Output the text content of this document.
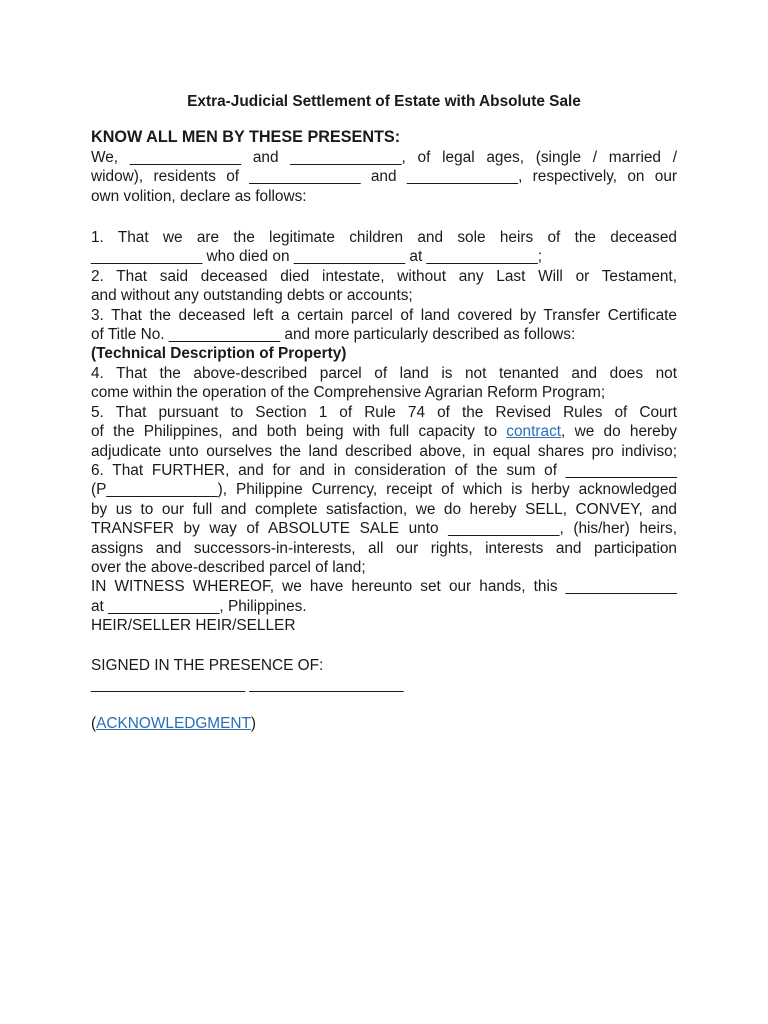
Extra-Judicial Settlement of Estate with Absolute Sale

KNOW ALL MEN BY THESE PRESENTS:

We, _____________ and _____________, of legal ages, (single / married /

widow), residents of _____________ and _____________, respectively, on our

own volition, declare as follows:

1. That we are the legitimate children and sole heirs of the deceased

_____________ who died on _____________ at _____________;

2. That said deceased died intestate, without any Last Will or Testament,

and without any outstanding debts or accounts;

3. That the deceased left a certain parcel of land covered by Transfer Certificate

of Title No. _____________ and more particularly described as follows:

(Technical Description of Property)

4. That the above-described parcel of land is not tenanted and does not

come within the operation of the Comprehensive Agrarian Reform Program;

5. That pursuant to Section 1 of Rule 74 of the Revised Rules of Court

of the Philippines, and both being with full capacity to contract, we do hereby

adjudicate unto ourselves the land described above, in equal shares pro indiviso;

6. That FURTHER, and for and in consideration of the sum of _____________

(P_____________), Philippine Currency, receipt of which is herby acknowledged

by us to our full and complete satisfaction, we do hereby SELL, CONVEY, and

TRANSFER by way of ABSOLUTE SALE unto _____________, (his/her) heirs,

assigns and successors-in-interests, all our rights, interests and participation

over the above-described parcel of land;

IN WITNESS WHEREOF, we have hereunto set our hands, this _____________

at _____________, Philippines.

HEIR/SELLER HEIR/SELLER

SIGNED IN THE PRESENCE OF:

__________________ __________________

(ACKNOWLEDGMENT)
